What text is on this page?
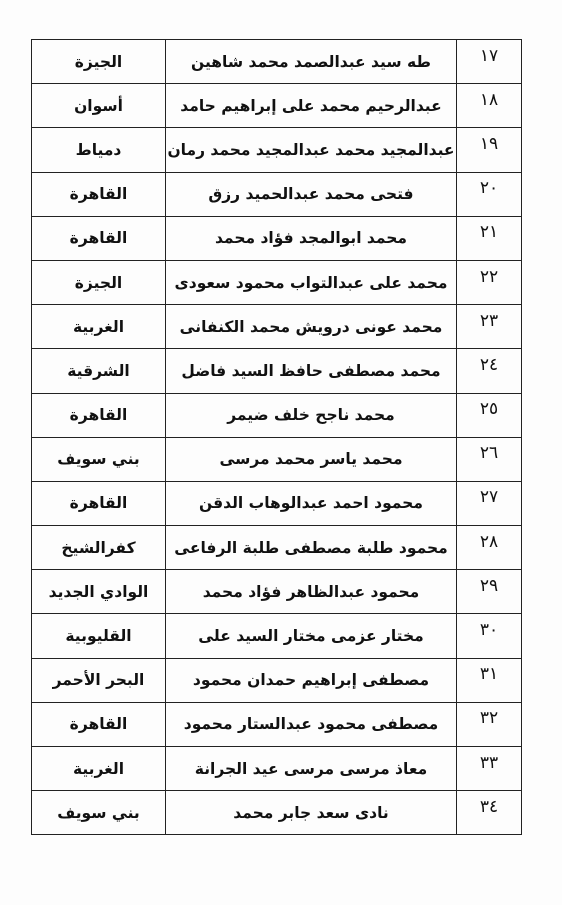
١٧	طه سيد عبدالصمد محمد شاهين	الجيزة
١٨	عبدالرحيم محمد على إبراهيم حامد	أسوان
١٩	عبدالمجيد محمد عبدالمجيد محمد رمان	دمياط
٢٠	فتحى محمد عبدالحميد رزق	القاهرة
٢١	محمد ابوالمجد فؤاد محمد	القاهرة
٢٢	محمد على عبدالتواب محمود سعودى	الجيزة
٢٣	محمد عونى درويش محمد الكنفانى	الغربية
٢٤	محمد مصطفى حافظ السيد فاضل	الشرقية
٢٥	محمد ناجح خلف ضيمر	القاهرة
٢٦	محمد ياسر محمد مرسى	بني سويف
٢٧	محمود احمد عبدالوهاب الدقن	القاهرة
٢٨	محمود طلبة مصطفى طلبة الرفاعى	كفرالشيخ
٢٩	محمود عبدالظاهر فؤاد محمد	الوادي الجديد
٣٠	مختار عزمى مختار السيد على	القليوبية
٣١	مصطفى إبراهيم حمدان محمود	البحر الأحمر
٣٢	مصطفى محمود عبدالستار محمود	القاهرة
٣٣	معاذ مرسى مرسى عيد الجرانة	الغربية
٣٤	نادى سعد جابر محمد	بني سويف
